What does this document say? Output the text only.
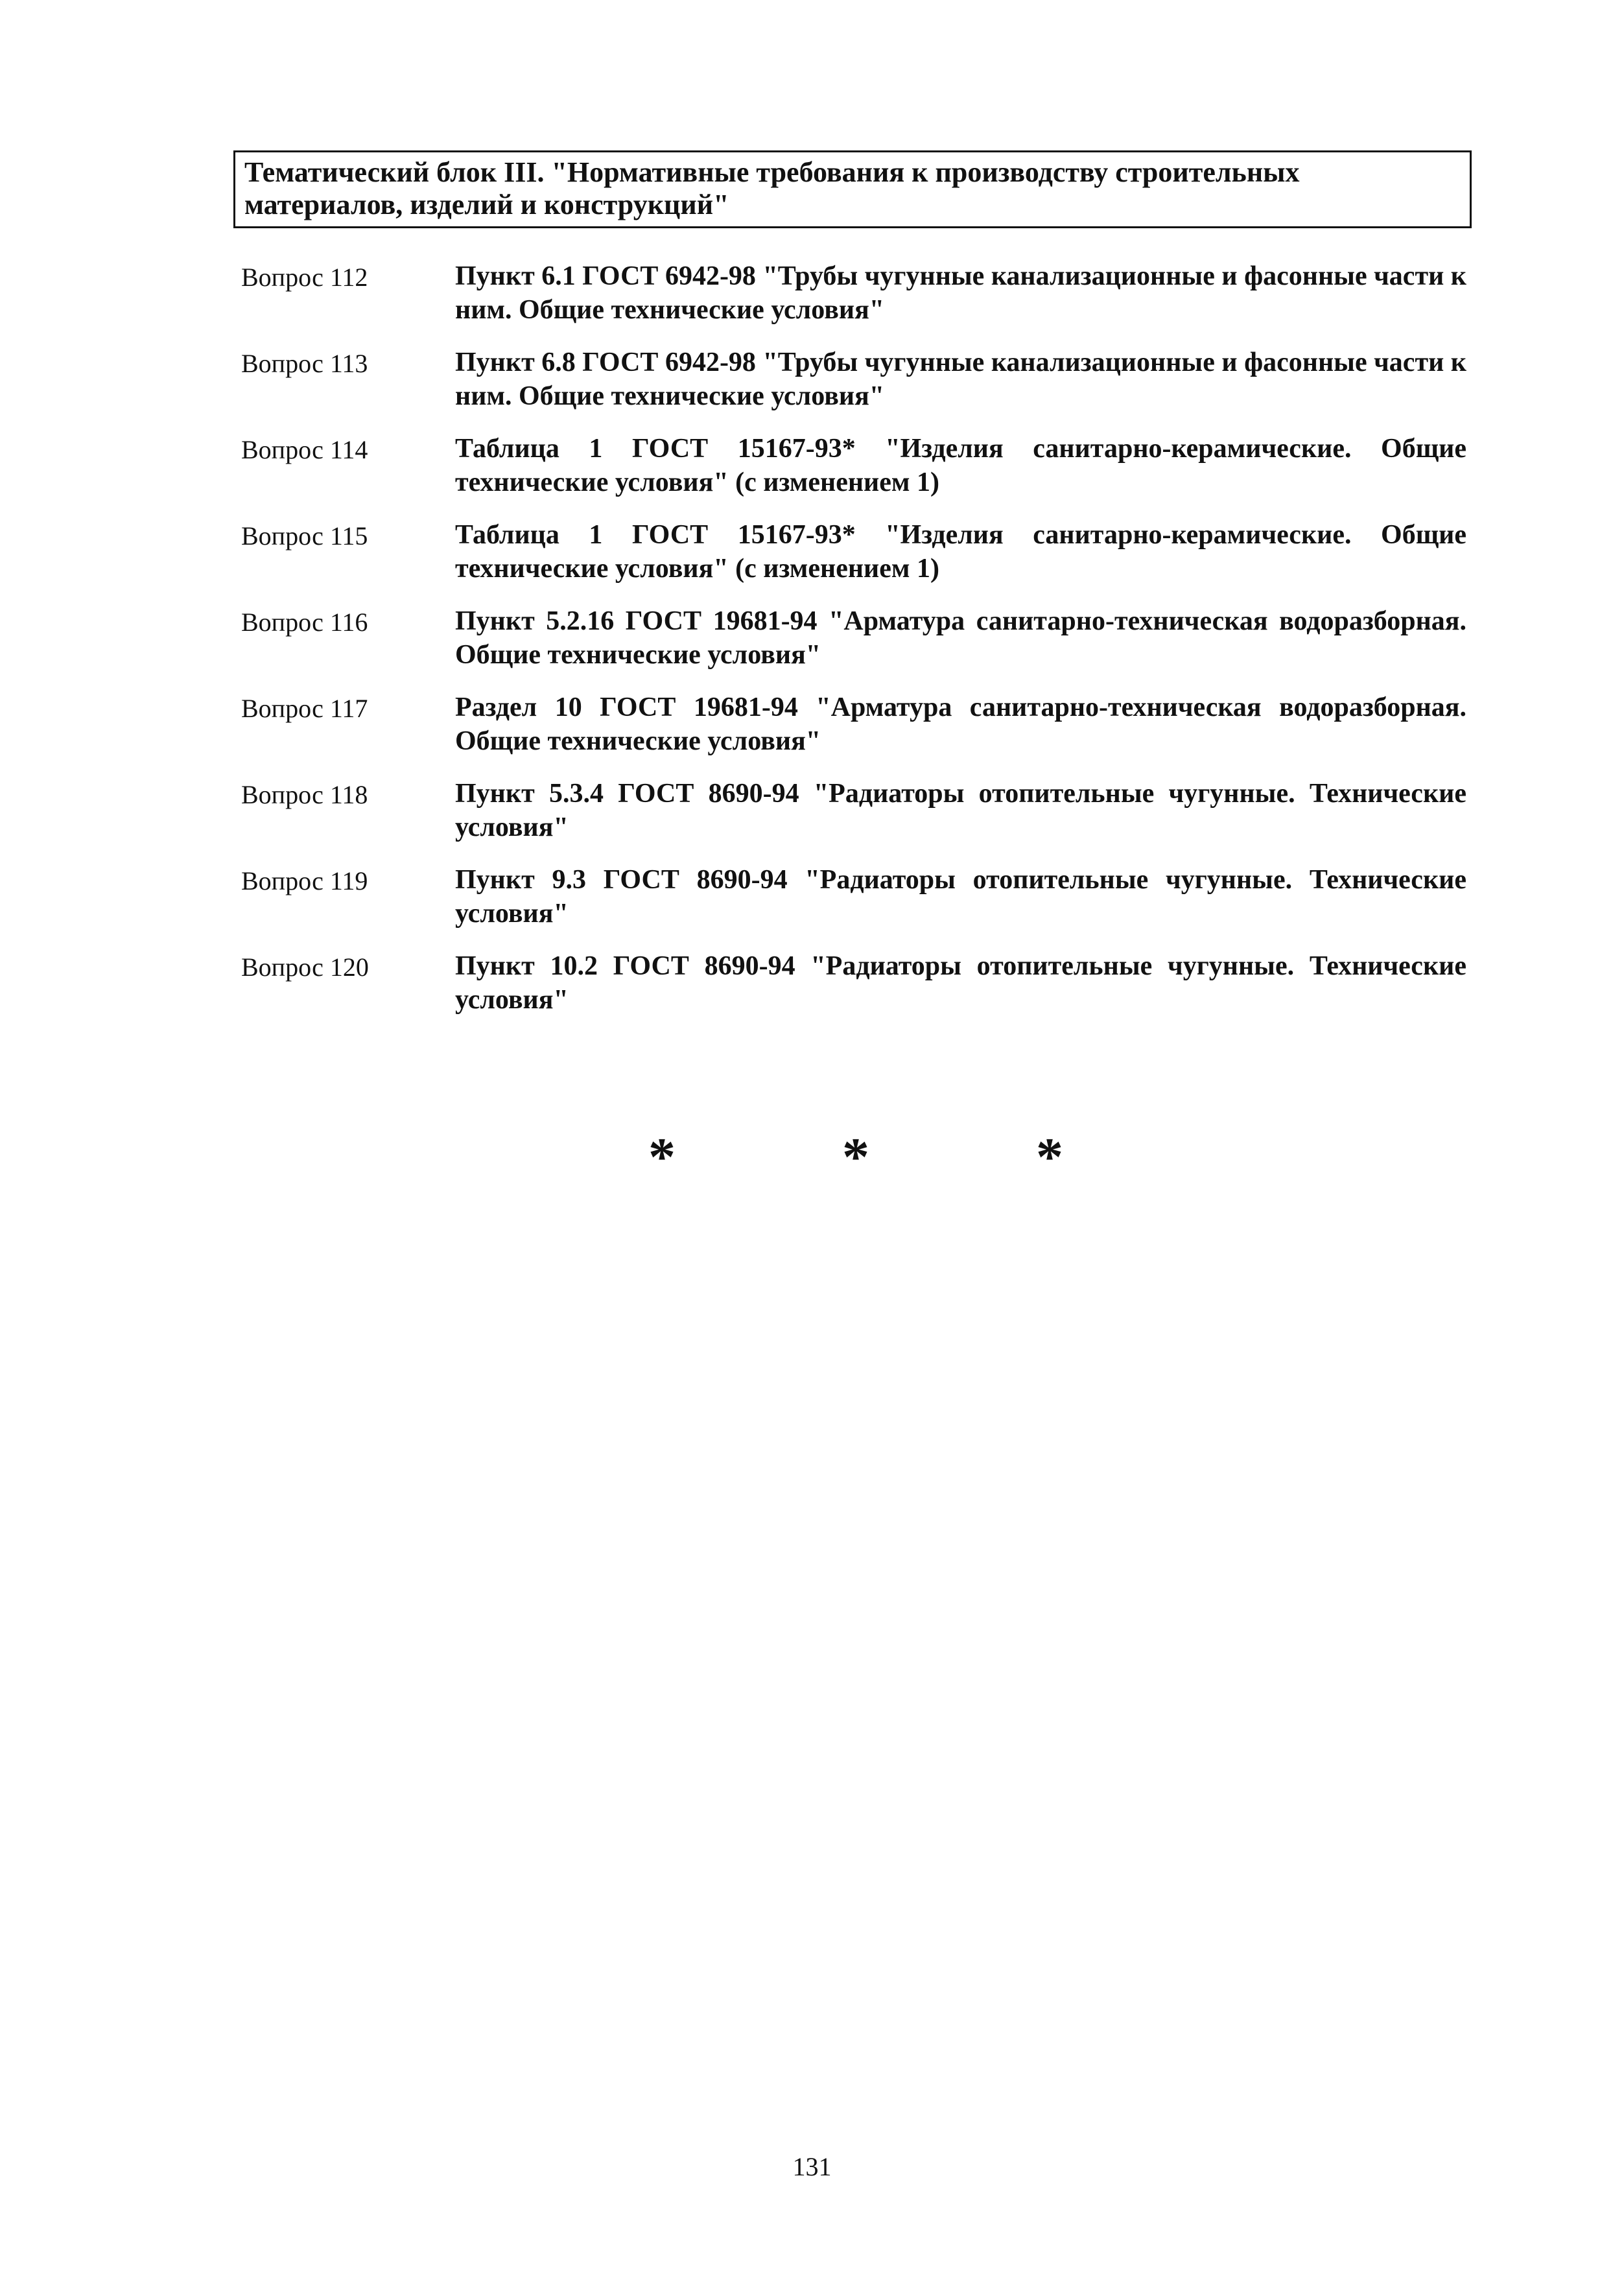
Тематический блок III. "Нормативные требования к производству строительных материалов, изделий и конструкций"
Вопрос 112	Пункт 6.1 ГОСТ 6942-98 "Трубы чугунные канализационные и фасонные части к ним. Общие технические условия"
Вопрос 113	Пункт 6.8 ГОСТ 6942-98 "Трубы чугунные канализационные и фасонные части к ним. Общие технические условия"
Вопрос 114	Таблица 1 ГОСТ 15167-93* "Изделия санитарно-керамические. Общие технические условия" (с изменением 1)
Вопрос 115	Таблица 1 ГОСТ 15167-93* "Изделия санитарно-керамические. Общие технические условия" (с изменением 1)
Вопрос 116	Пункт 5.2.16 ГОСТ 19681-94 "Арматура санитарно-техническая водоразборная. Общие технические условия"
Вопрос 117	Раздел 10 ГОСТ 19681-94 "Арматура санитарно-техническая водоразборная. Общие технические условия"
Вопрос 118	Пункт 5.3.4 ГОСТ 8690-94 "Радиаторы отопительные чугунные. Технические условия"
Вопрос 119	Пункт 9.3 ГОСТ 8690-94 "Радиаторы отопительные чугунные. Технические условия"
Вопрос 120	Пункт 10.2 ГОСТ 8690-94 "Радиаторы отопительные чугунные. Технические условия"
*	*	*
131
